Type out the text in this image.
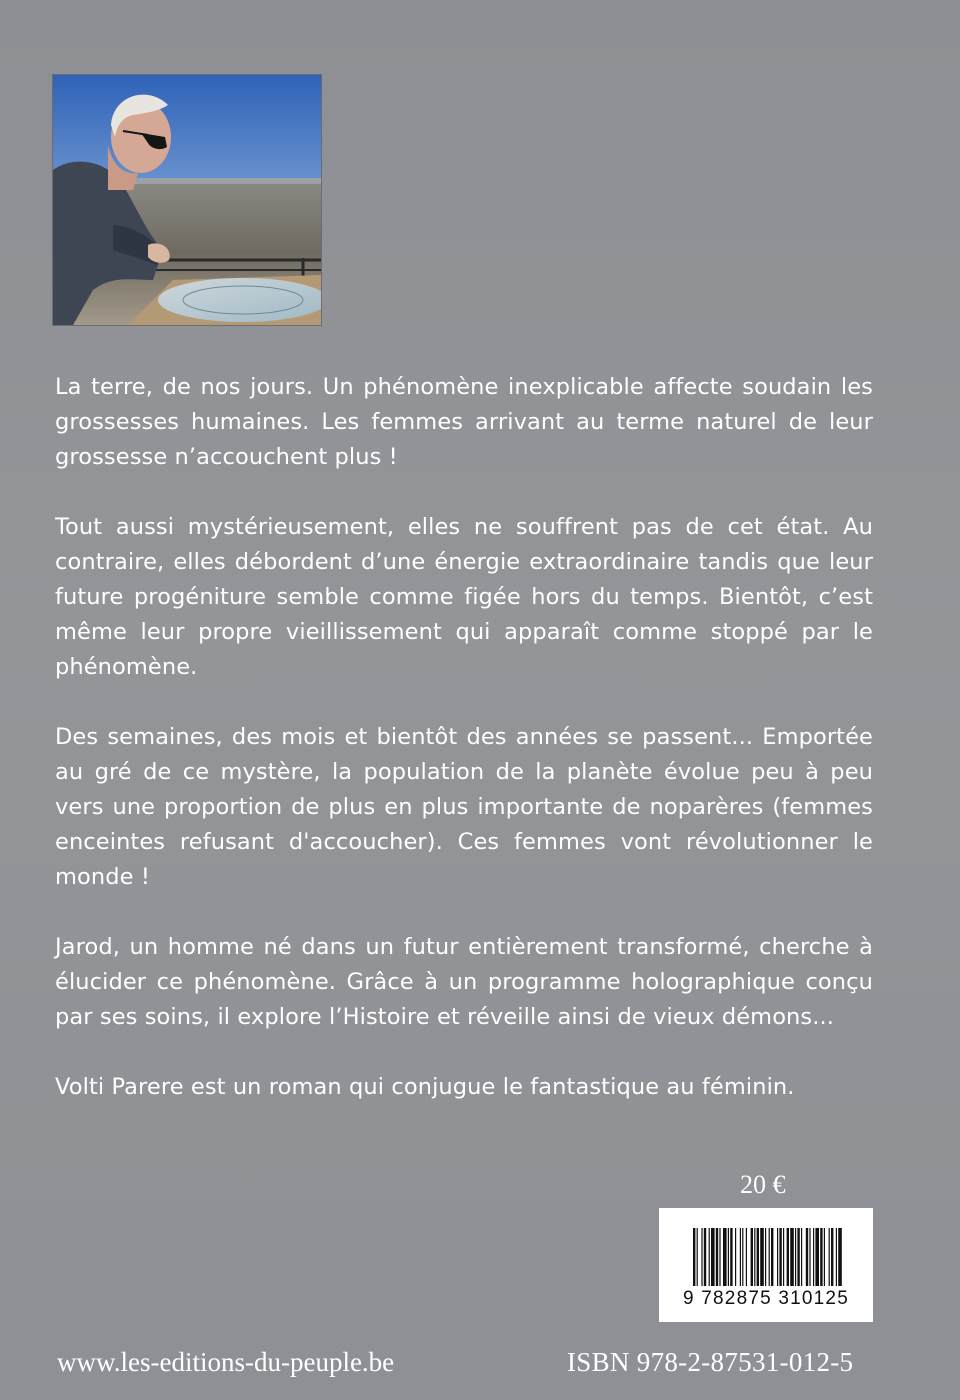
La terre, de nos jours. Un phénomène inexplicable affecte soudain les grossesses humaines. Les femmes arrivant au terme naturel de leur grossesse n’accouchent plus !

Tout aussi mystérieusement, elles ne souffrent pas de cet état. Au contraire, elles débordent d’une énergie extraordinaire tandis que leur future progéniture semble comme figée hors du temps. Bientôt, c’est même leur propre vieillissement qui apparaît comme stoppé par le phénomène.

Des semaines, des mois et bientôt des années se passent... Emportée au gré de ce mystère, la population de la planète évolue peu à peu vers une proportion de plus en plus importante de noparères (femmes enceintes refusant d'accoucher). Ces femmes vont révolutionner le monde !

Jarod, un homme né dans un futur entièrement transformé, cherche à élucider ce phénomène. Grâce à un programme holographique conçu par ses soins, il explore l’Histoire et réveille ainsi de vieux démons...

Volti Parere est un roman qui conjugue le fantastique au féminin.

20 €
9 782875 310125
www.les-editions-du-peuple.be	ISBN 978-2-87531-012-5
